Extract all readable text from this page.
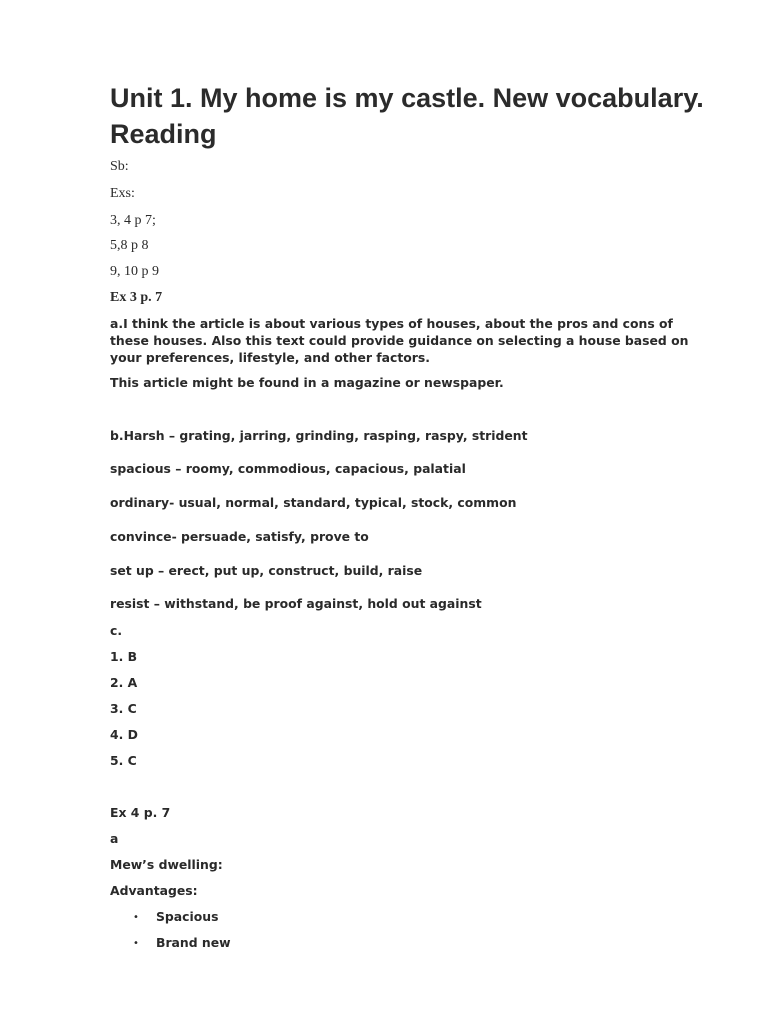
Unit 1. My home is my castle. New vocabulary. Reading
Sb:
Exs:
3, 4 p 7;
5,8 p 8
9, 10 p 9
Ex 3 p. 7
a.I think the article is about various types of houses, about the pros and cons of these houses. Also this text could provide guidance on selecting a house based on your preferences, lifestyle, and other factors.
This article might be found in a magazine or newspaper.
b.Harsh – grating, jarring, grinding, rasping, raspy, strident
spacious – roomy, commodious, capacious, palatial
ordinary- usual, normal, standard, typical, stock, common
convince- persuade, satisfy, prove to
set up – erect, put up, construct, build, raise
resist – withstand, be proof against, hold out against
c.
1. B
2. A
3. C
4. D
5. C
Ex 4 p. 7
a
Mew’s dwelling:
Advantages:
• Spacious
• Brand new
